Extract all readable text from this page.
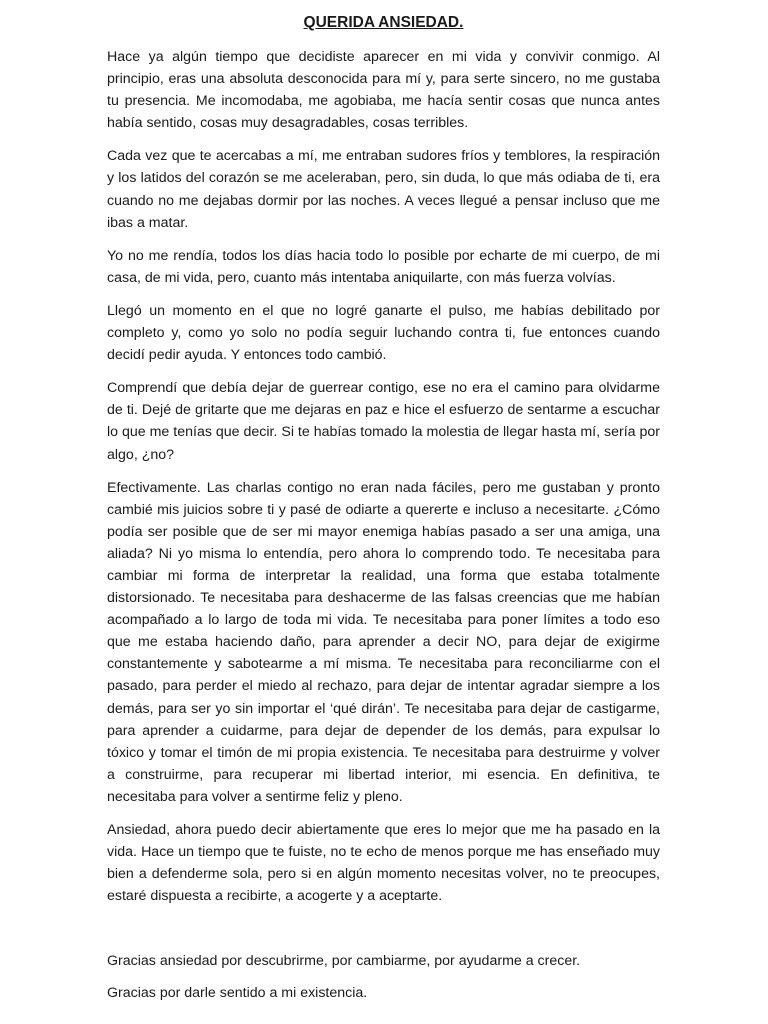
QUERIDA ANSIEDAD.

Hace ya algún tiempo que decidiste aparecer en mi vida y convivir conmigo. Al principio, eras una absoluta desconocida para mí y, para serte sincero, no me gustaba tu presencia. Me incomodaba, me agobiaba, me hacía sentir cosas que nunca antes había sentido, cosas muy desagradables, cosas terribles.

Cada vez que te acercabas a mí, me entraban sudores fríos y temblores, la respiración y los latidos del corazón se me aceleraban, pero, sin duda, lo que más odiaba de ti, era cuando no me dejabas dormir por las noches. A veces llegué a pensar incluso que me ibas a matar.

Yo no me rendía, todos los días hacia todo lo posible por echarte de mi cuerpo, de mi casa, de mi vida, pero, cuanto más intentaba aniquilarte, con más fuerza volvías.

Llegó un momento en el que no logré ganarte el pulso, me habías debilitado por completo y, como yo solo no podía seguir luchando contra ti, fue entonces cuando decidí pedir ayuda. Y entonces todo cambió.

Comprendí que debía dejar de guerrear contigo, ese no era el camino para olvidarme de ti. Dejé de gritarte que me dejaras en paz e hice el esfuerzo de sentarme a escuchar lo que me tenías que decir. Si te habías tomado la molestia de llegar hasta mí, sería por algo, ¿no?

Efectivamente. Las charlas contigo no eran nada fáciles, pero me gustaban y pronto cambié mis juicios sobre ti y pasé de odiarte a quererte e incluso a necesitarte. ¿Cómo podía ser posible que de ser mi mayor enemiga habías pasado a ser una amiga, una aliada? Ni yo misma lo entendía, pero ahora lo comprendo todo. Te necesitaba para cambiar mi forma de interpretar la realidad, una forma que estaba totalmente distorsionado. Te necesitaba para deshacerme de las falsas creencias que me habían acompañado a lo largo de toda mi vida. Te necesitaba para poner límites a todo eso que me estaba haciendo daño, para aprender a decir NO, para dejar de exigirme constantemente y sabotearme a mí misma. Te necesitaba para reconciliarme con el pasado, para perder el miedo al rechazo, para dejar de intentar agradar siempre a los demás, para ser yo sin importar el ‘qué dirán’. Te necesitaba para dejar de castigarme, para aprender a cuidarme, para dejar de depender de los demás, para expulsar lo tóxico y tomar el timón de mi propia existencia. Te necesitaba para destruirme y volver a construirme, para recuperar mi libertad interior, mi esencia. En definitiva, te necesitaba para volver a sentirme feliz y pleno.

Ansiedad, ahora puedo decir abiertamente que eres lo mejor que me ha pasado en la vida. Hace un tiempo que te fuiste, no te echo de menos porque me has enseñado muy bien a defenderme sola, pero si en algún momento necesitas volver, no te preocupes, estaré dispuesta a recibirte, a acogerte y a aceptarte.

Gracias ansiedad por descubrirme, por cambiarme, por ayudarme a crecer.

Gracias por darle sentido a mi existencia.
